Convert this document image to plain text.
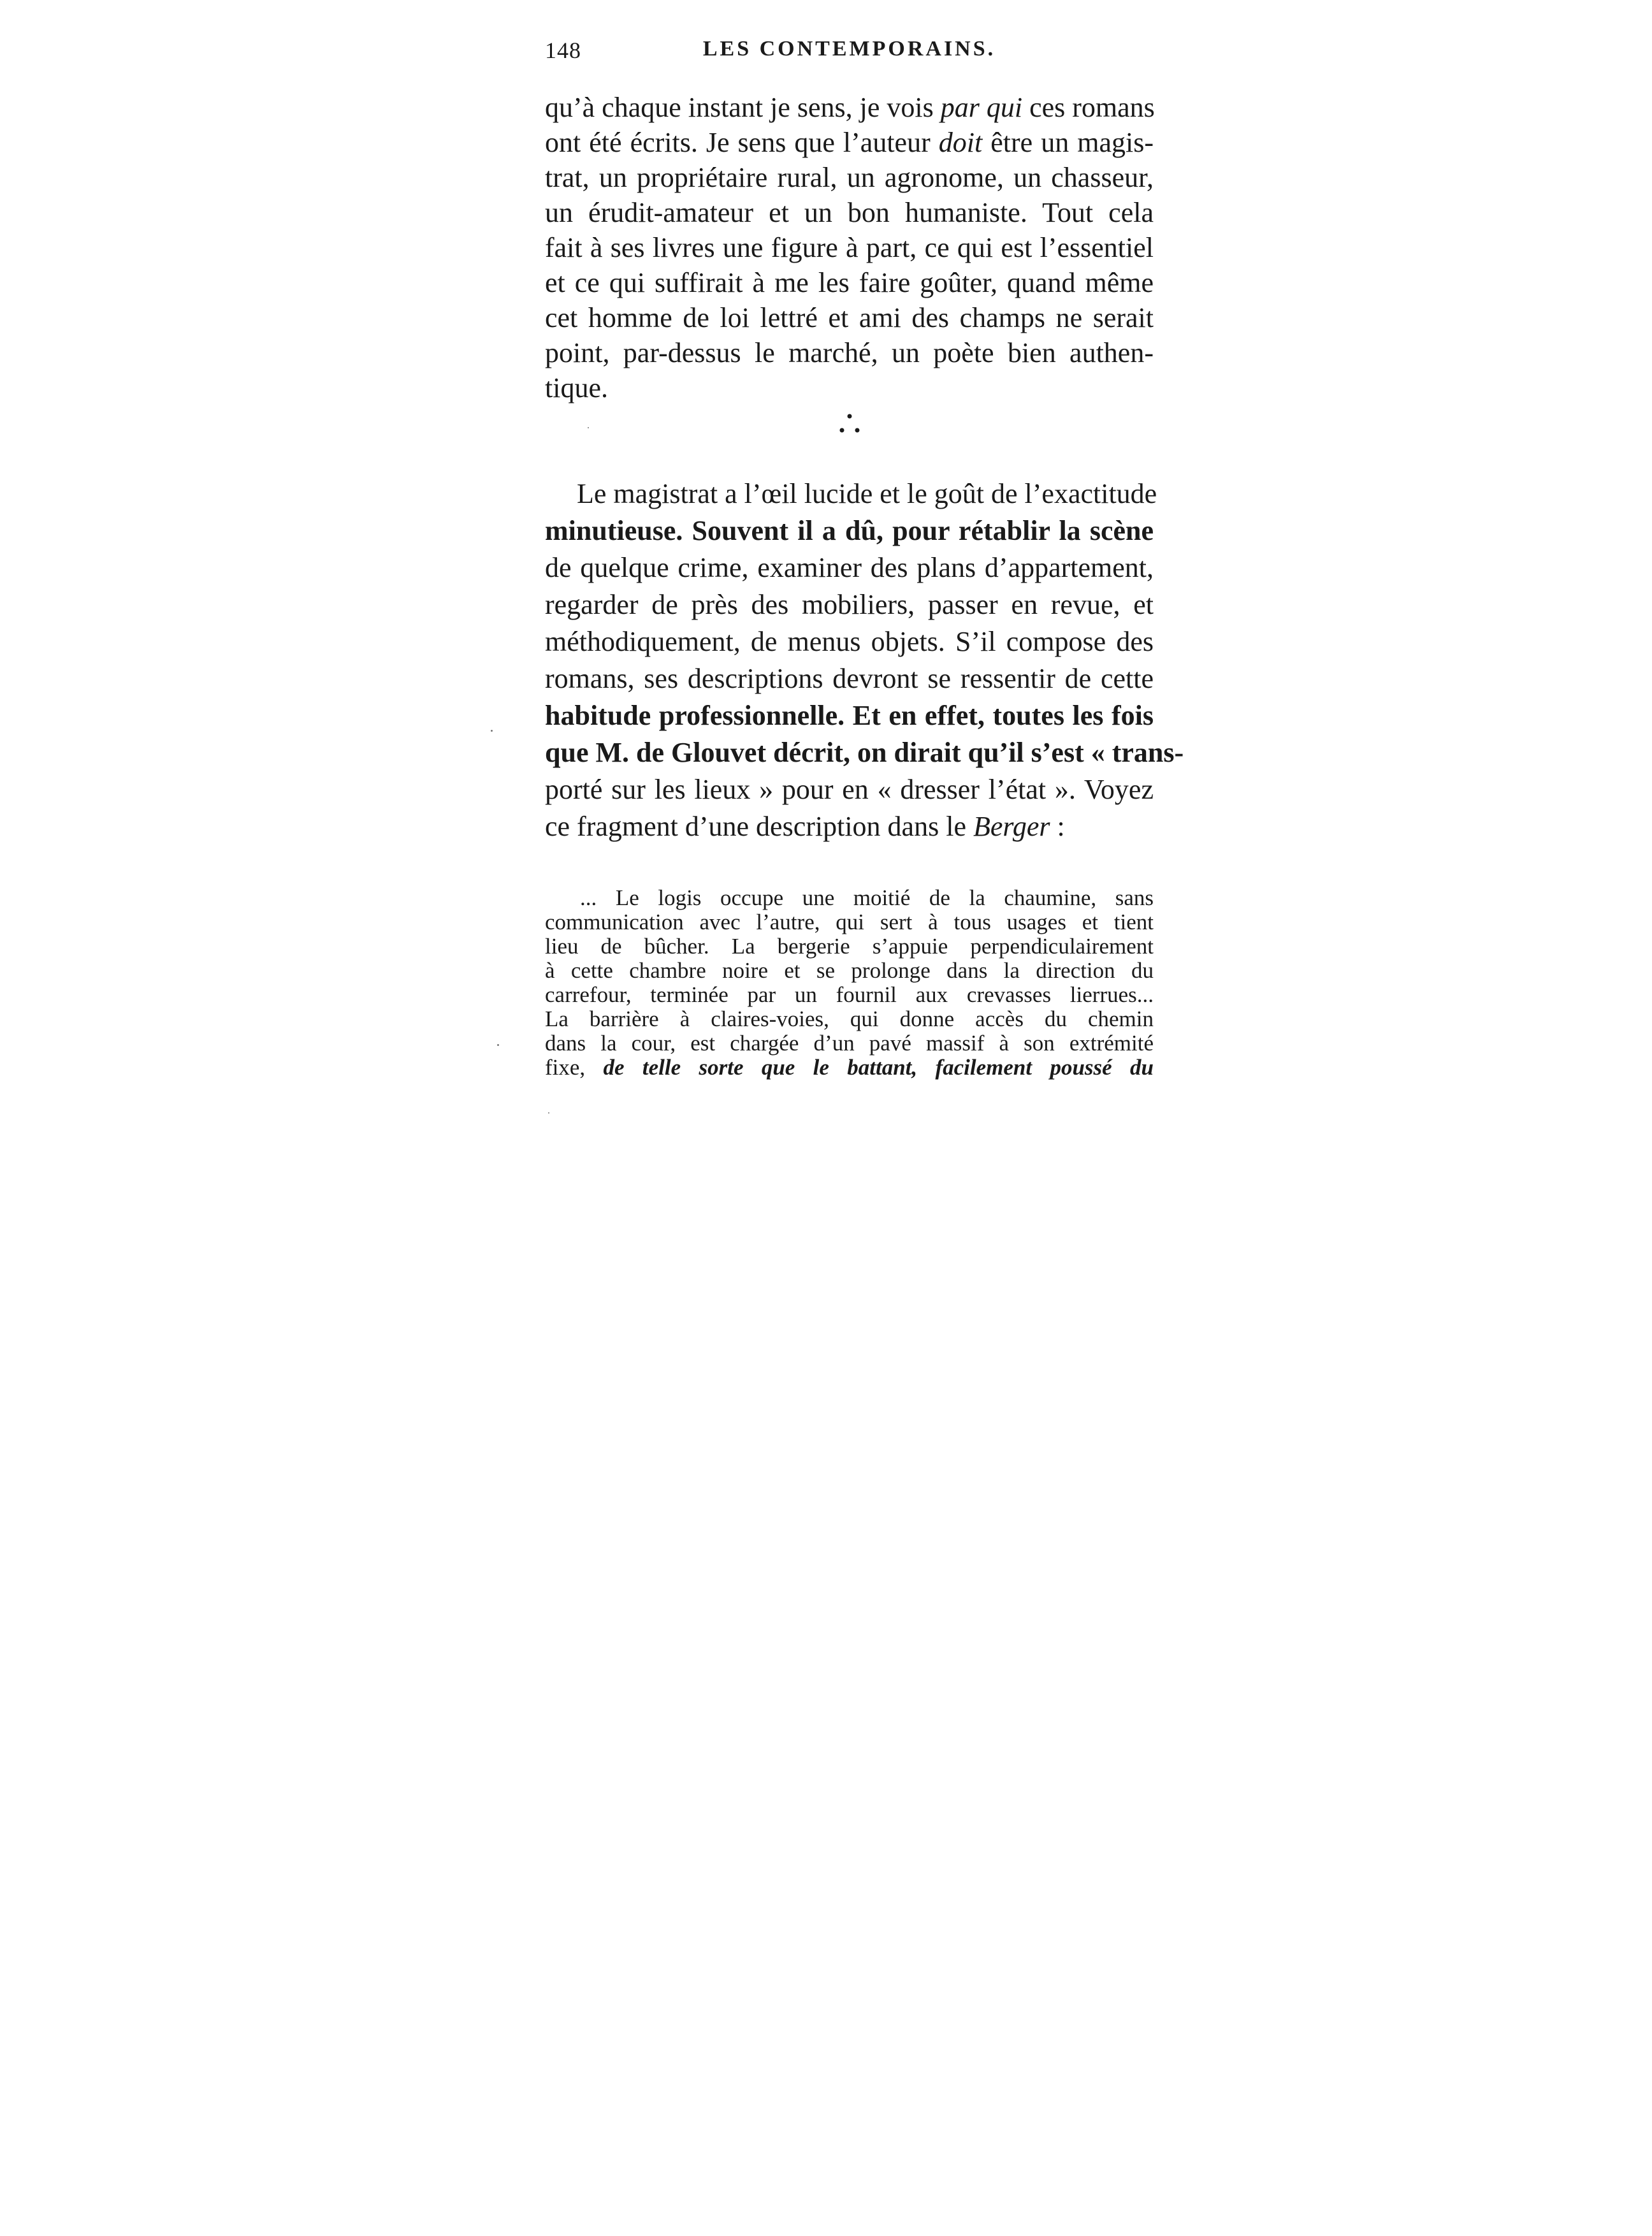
148	LES CONTEMPORAINS.
qu’à chaque instant je sens, je vois par qui ces romans
ont été écrits. Je sens que l’auteur doit être un magis-
trat, un propriétaire rural, un agronome, un chasseur,
un érudit-amateur et un bon humaniste. Tout cela
fait à ses livres une figure à part, ce qui est l’essentiel
et ce qui suffirait à me les faire goûter, quand même
cet homme de loi lettré et ami des champs ne serait
point, par-dessus le marché, un poète bien authen-
tique.
Le magistrat a l’œil lucide et le goût de l’exactitude
minutieuse. Souvent il a dû, pour rétablir la scène
de quelque crime, examiner des plans d’appartement,
regarder de près des mobiliers, passer en revue, et
méthodiquement, de menus objets. S’il compose des
romans, ses descriptions devront se ressentir de cette
habitude professionnelle. Et en effet, toutes les fois
que M. de Glouvet décrit, on dirait qu’il s’est « trans-
porté sur les lieux » pour en « dresser l’état ». Voyez
ce fragment d’une description dans le Berger :
... Le logis occupe une moitié de la chaumine, sans
communication avec l’autre, qui sert à tous usages et tient
lieu de bûcher. La bergerie s’appuie perpendiculairement
à cette chambre noire et se prolonge dans la direction du
carrefour, terminée par un fournil aux crevasses lierrues...
La barrière à claires-voies, qui donne accès du chemin
dans la cour, est chargée d’un pavé massif à son extrémité
fixe, de telle sorte que le battant, facilement poussé du
